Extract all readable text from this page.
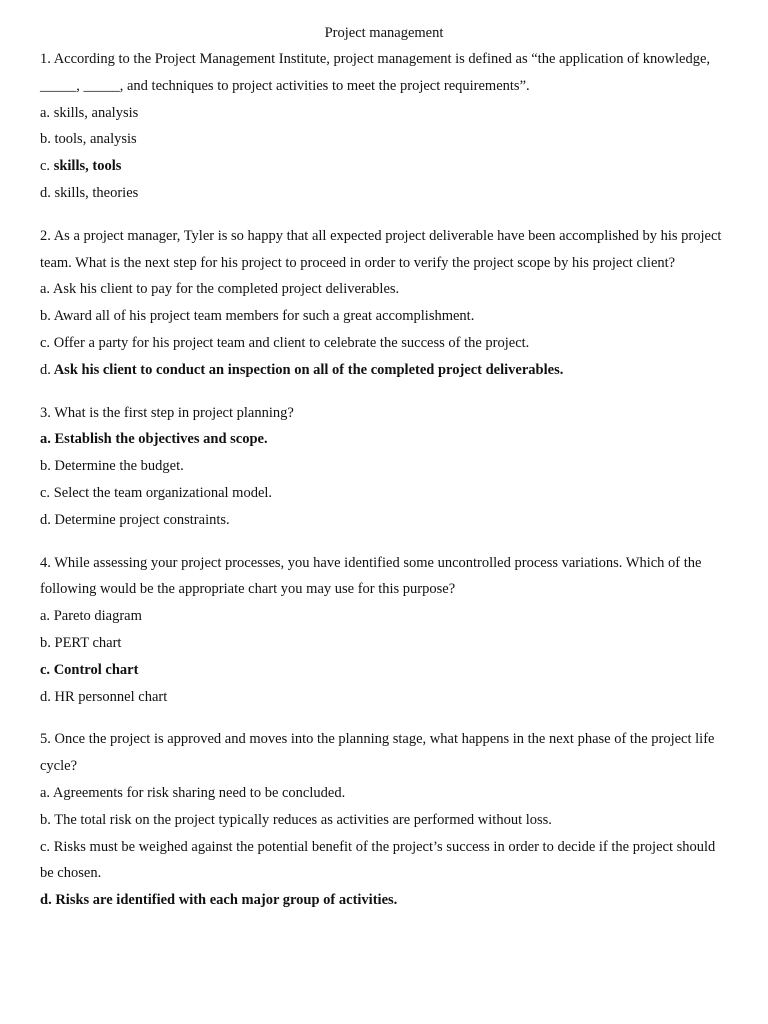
Project management

1. According to the Project Management Institute, project management is defined as “the application of knowledge, _____, _____, and techniques to project activities to meet the project requirements”.

a. skills, analysis

b. tools, analysis

c. skills, tools

d. skills, theories

2. As a project manager, Tyler is so happy that all expected project deliverable have been accomplished by his project team. What is the next step for his project to proceed in order to verify the project scope by his project client?

a. Ask his client to pay for the completed project deliverables.

b. Award all of his project team members for such a great accomplishment.

c. Offer a party for his project team and client to celebrate the success of the project.

d. Ask his client to conduct an inspection on all of the completed project deliverables.

3. What is the first step in project planning?

a. Establish the objectives and scope.

b. Determine the budget.

c. Select the team organizational model.

d. Determine project constraints.

4. While assessing your project processes, you have identified some uncontrolled process variations. Which of the following would be the appropriate chart you may use for this purpose?

a. Pareto diagram

b. PERT chart

c. Control chart

d. HR personnel chart

5. Once the project is approved and moves into the planning stage, what happens in the next phase of the project life cycle?

a. Agreements for risk sharing need to be concluded.

b. The total risk on the project typically reduces as activities are performed without loss.

c. Risks must be weighed against the potential benefit of the project’s success in order to decide if the project should be chosen.

d. Risks are identified with each major group of activities.
